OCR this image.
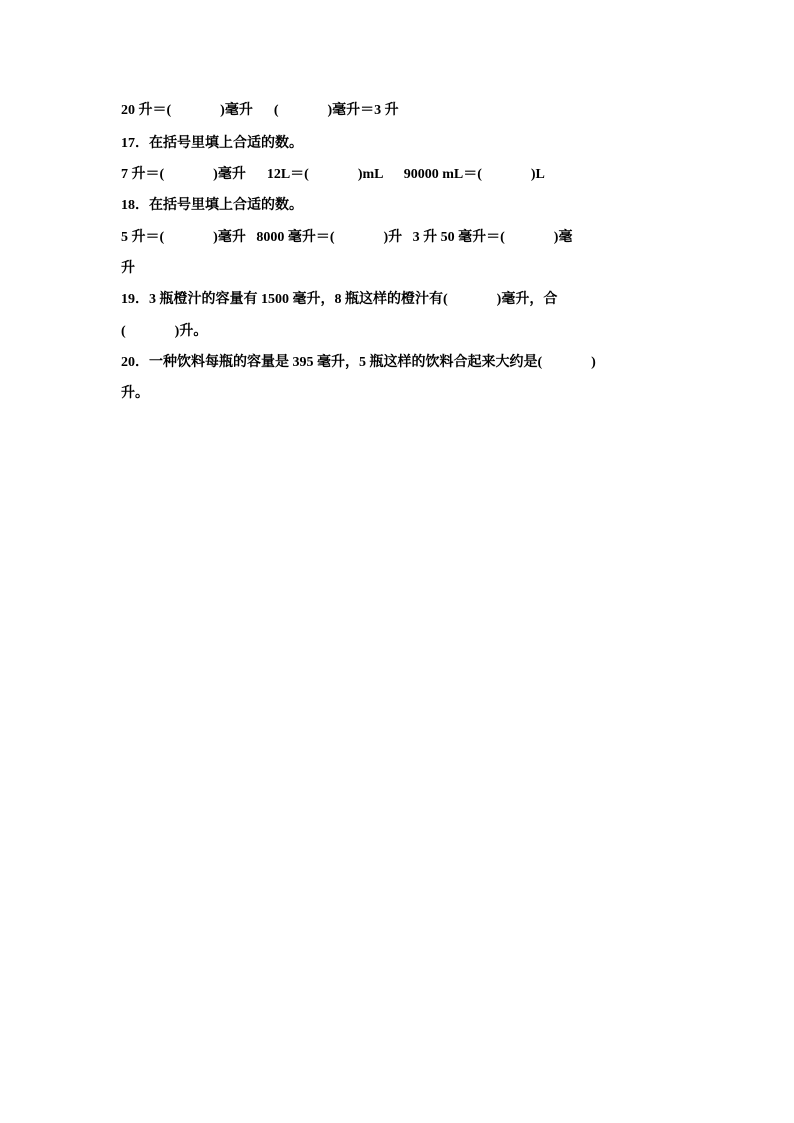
20 升＝(              )毫升      (              )毫升＝3 升
17．在括号里填上合适的数。
7 升＝(              )毫升      12L＝(              )mL      90000 mL＝(              )L
18．在括号里填上合适的数。
5 升＝(              )毫升   8000 毫升＝(              )升   3 升 50 毫升＝(              )毫
升
19．3 瓶橙汁的容量有 1500 毫升，8 瓶这样的橙汁有(              )毫升，合
(              )升。
20．一种饮料每瓶的容量是 395 毫升，5 瓶这样的饮料合起来大约是(              )
升。
